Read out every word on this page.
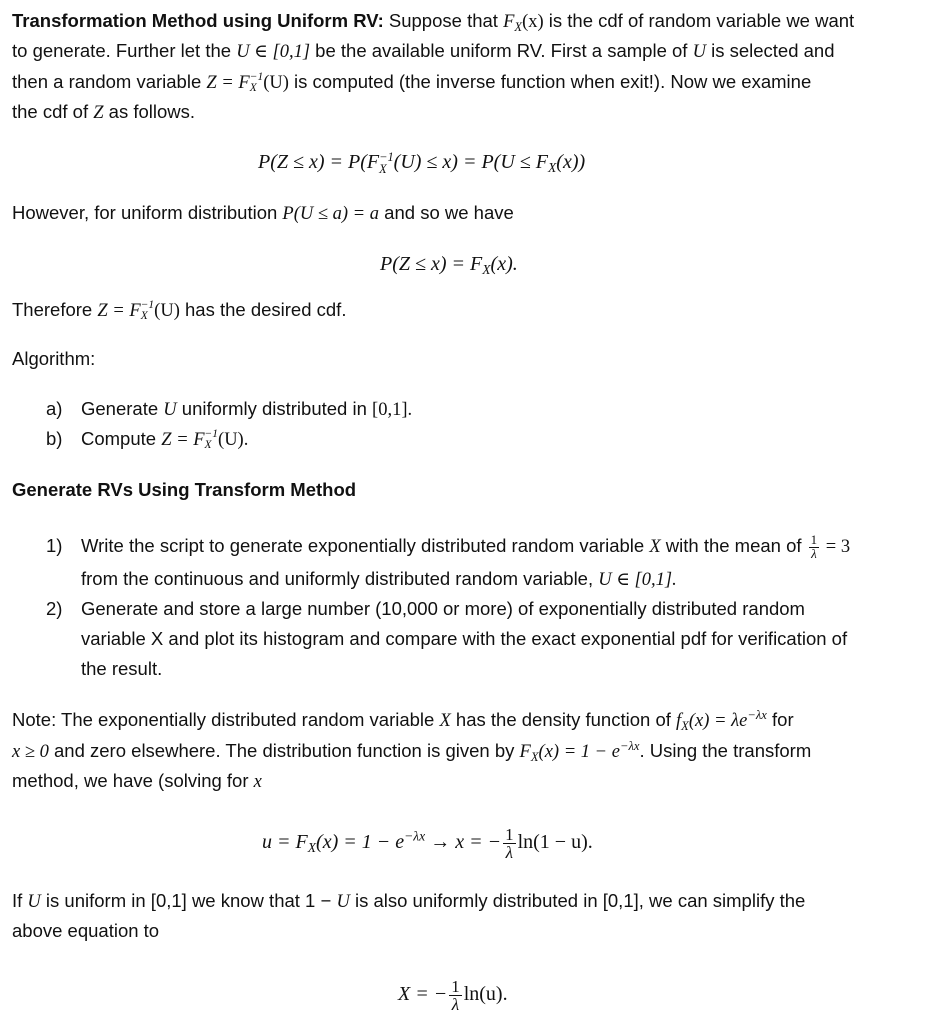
Transformation Method using Uniform RV: Suppose that $F_X(x)$ is the cdf of random variable we want
to generate. Further let the U ∈ [0,1] be the available uniform RV. First a sample of U is selected and
then a random variable Z = F −1
X (U) is computed (the inverse function when exit!). Now we examine
the cdf of Z as follows.
P(Z ≤ x) = P(F −1
X $(U) \le x) = P(U \le F_X(x))$
However, for uniform distribution P(U ≤ a) = a and so we have
$P(Z \le x) = F_X(x)$.
Therefore Z = F −1
X (U) has the desired cdf.
Algorithm:
a) Generate U uniformly distributed in [0,1].
b) Compute Z = F −1
X (U).
Generate RVs Using Transform Method
1) Write the script to generate exponentially distributed random variable X with the mean of $\frac{1}{\lambda} = 3$
from the continuous and uniformly distributed random variable, U ∈ [0,1].
2) Generate and store a large number (10,000 or more) of exponentially distributed random
variable X and plot its histogram and compare with the exact exponential pdf for verification of
the result.
Note: The exponentially distributed random variable X has the density function of $f_X(x) = \lambda e^{-\lambda x}$ for
x ≥ 0 and zero elsewhere. The distribution function is given by $F_X(x) = 1 - e^{-\lambda x}$. Using the transform
method, we have (solving for x
$u = F_X(x) = 1 - e^{-\lambda x} \to x$ = − $\frac{1}{\lambda} \ln(1 - u)$.
If U is uniform in [0,1] we know that 1 − U is also uniformly distributed in [0,1], we can simplify the
above equation to
X = − $\frac{1}{\lambda} \ln(u)$.
